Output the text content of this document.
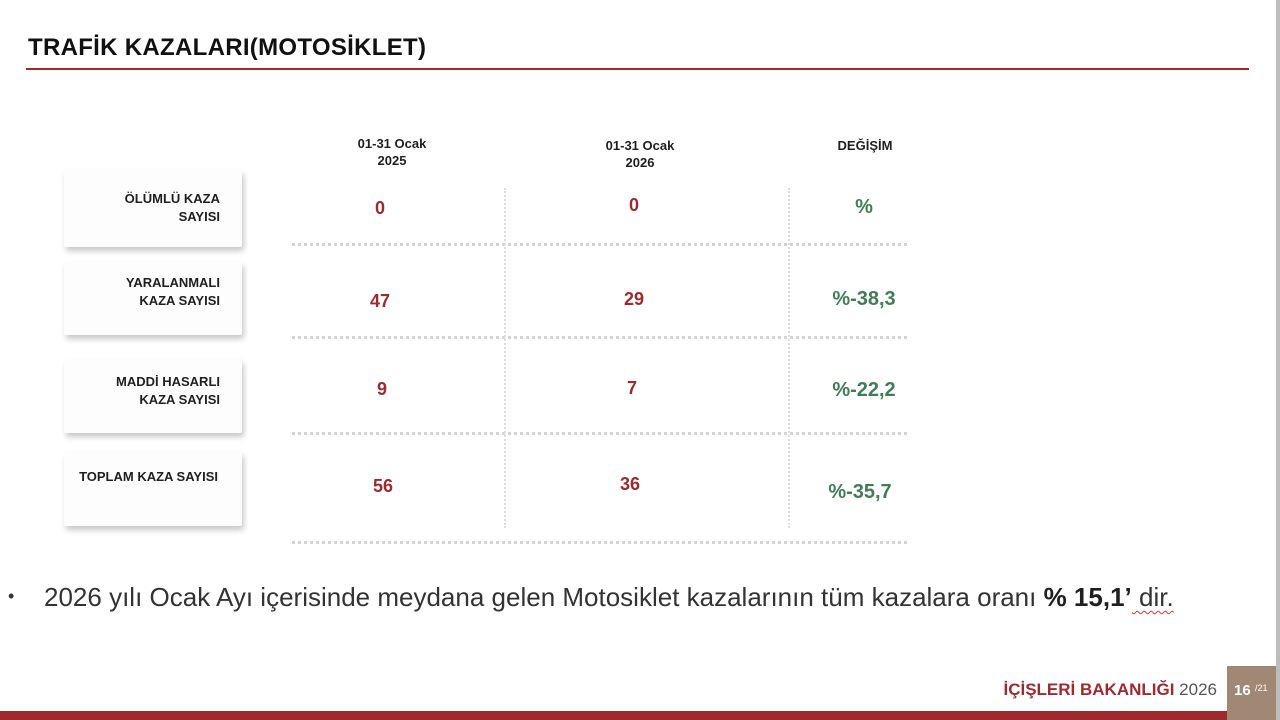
TRAFİK KAZALARI(MOTOSİKLET)
01-31 Ocak
2025
01-31 Ocak
2026
DEĞİŞİM
ÖLÜMLÜ KAZA
SAYISI
YARALANMALI
KAZA SAYISI
MADDİ HASARLI
KAZA SAYISI
TOPLAM KAZA SAYISI
0
47
9
56
0
29
7
36
%
%-38,3
%-22,2
%-35,7
• 2026 yılı Ocak Ayı içerisinde meydana gelen Motosiklet kazalarının tüm kazalara oranı % 15,1’ dir.
İÇİŞLERİ BAKANLIĞI 2026 16 /21
